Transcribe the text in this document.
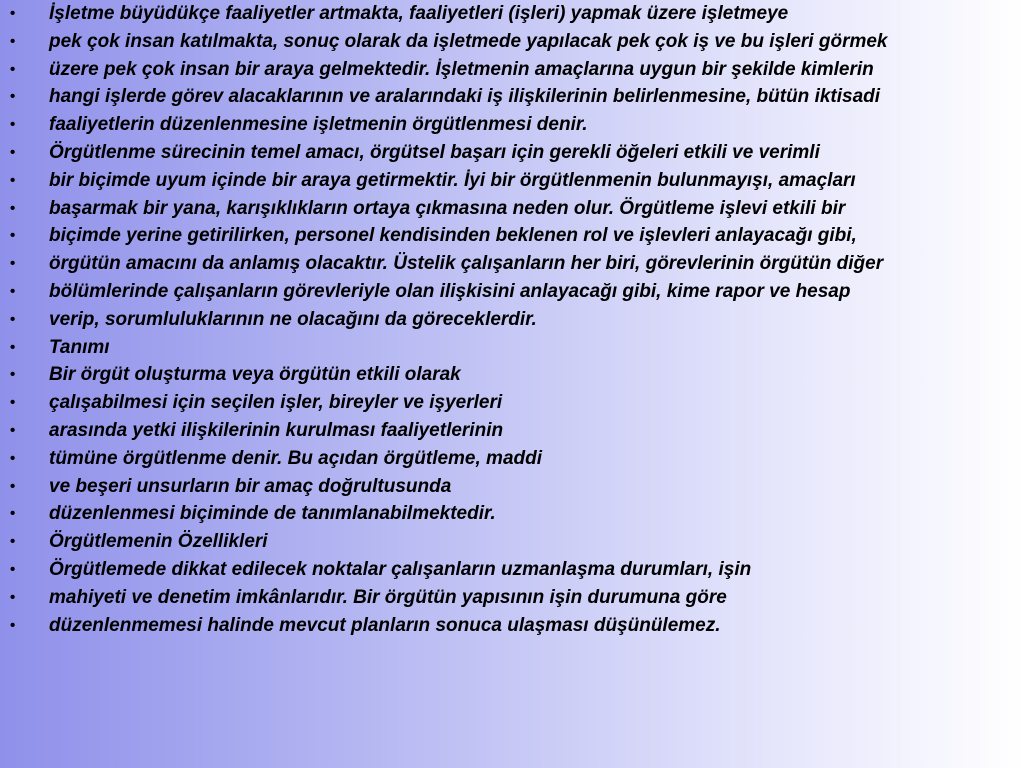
• İşletme büyüdükçe faaliyetler artmakta, faaliyetleri (işleri) yapmak üzere işletmeye
• pek çok insan katılmakta, sonuç olarak da işletmede yapılacak pek çok iş ve bu işleri görmek
• üzere pek çok insan bir araya gelmektedir. İşletmenin amaçlarına uygun bir şekilde kimlerin
• hangi işlerde görev alacaklarının ve aralarındaki iş ilişkilerinin belirlenmesine, bütün iktisadi
• faaliyetlerin düzenlenmesine işletmenin örgütlenmesi denir.
• Örgütlenme sürecinin temel amacı, örgütsel başarı için gerekli öğeleri etkili ve verimli
• bir biçimde uyum içinde bir araya getirmektir. İyi bir örgütlenmenin bulunmayışı, amaçları
• başarmak bir yana, karışıklıkların ortaya çıkmasına neden olur. Örgütleme işlevi etkili bir
• biçimde yerine getirilirken, personel kendisinden beklenen rol ve işlevleri anlayacağı gibi,
• örgütün amacını da anlamış olacaktır. Üstelik çalışanların her biri, görevlerinin örgütün diğer
• bölümlerinde çalışanların görevleriyle olan ilişkisini anlayacağı gibi, kime rapor ve hesap
• verip, sorumluluklarının ne olacağını da göreceklerdir.
• Tanımı
• Bir örgüt oluşturma veya örgütün etkili olarak
• çalışabilmesi için seçilen işler, bireyler ve işyerleri
• arasında yetki ilişkilerinin kurulması faaliyetlerinin
• tümüne örgütlenme denir. Bu açıdan örgütleme, maddi
• ve beşeri unsurların bir amaç doğrultusunda
• düzenlenmesi biçiminde de tanımlanabilmektedir.
• Örgütlemenin Özellikleri
• Örgütlemede dikkat edilecek noktalar çalışanların uzmanlaşma durumları, işin
• mahiyeti ve denetim imkânlarıdır. Bir örgütün yapısının işin durumuna göre
• düzenlenmemesi halinde mevcut planların sonuca ulaşması düşünülemez.
